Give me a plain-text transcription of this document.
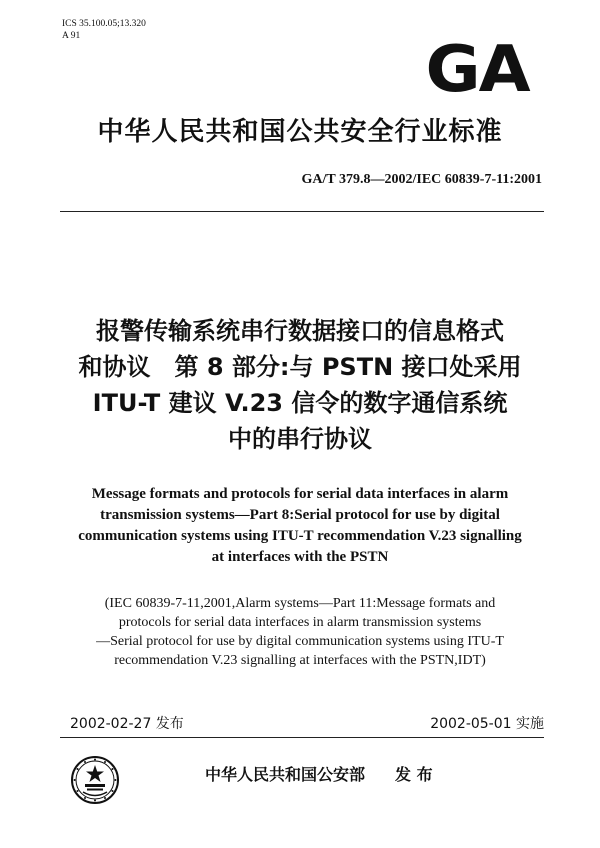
ICS 35.100.05;13.320
A 91	GA
中华人民共和国公共安全行业标准
GA/T 379.8—2002/IEC 60839-7-11:2001
报警传输系统串行数据接口的信息格式
和协议　第 8 部分:与 PSTN 接口处采用
ITU-T 建议 V.23 信令的数字通信系统
中的串行协议
Message formats and protocols for serial data interfaces in alarm
transmission systems—Part 8:Serial protocol for use by digital
communication systems using ITU-T recommendation V.23 signalling
at interfaces with the PSTN
(IEC 60839-7-11,2001,Alarm systems—Part 11:Message formats and
protocols for serial data interfaces in alarm transmission systems
—Serial protocol for use by digital communication systems using ITU-T
recommendation V.23 signalling at interfaces with the PSTN,IDT)
2002-02-27 发布	2002-05-01 实施
中华人民共和国公安部 发 布
